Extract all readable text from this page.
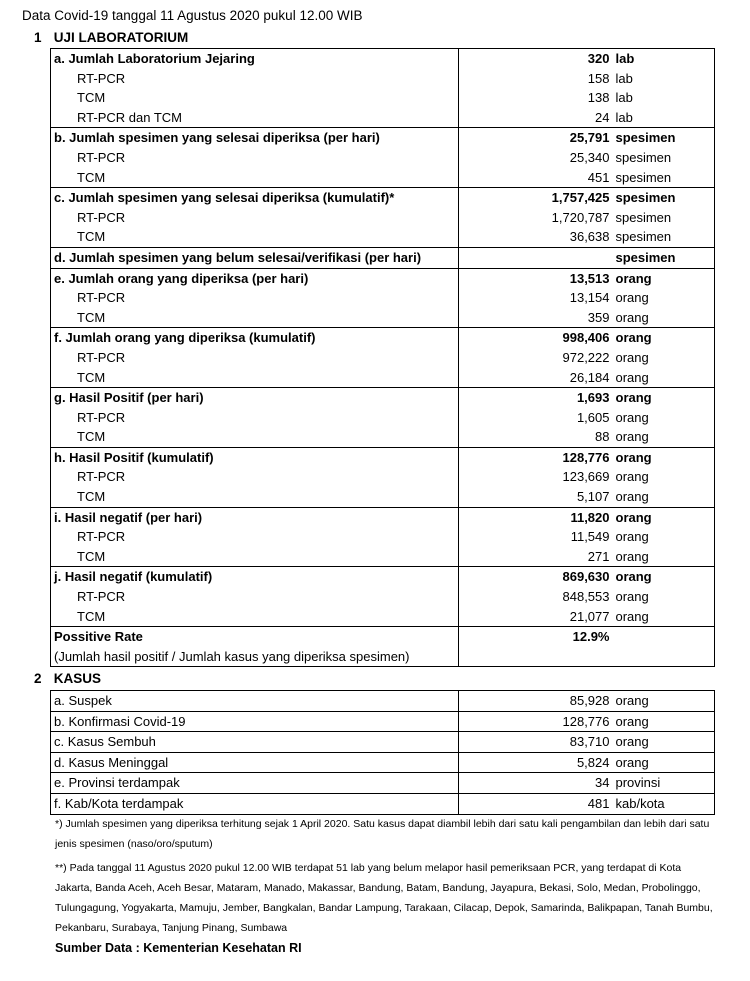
Data Covid-19 tanggal 11 Agustus 2020 pukul 12.00 WIB
1 UJI LABORATORIUM
a. Jumlah Laboratorium Jejaring	320	lab
RT-PCR	158	lab
TCM	138	lab
RT-PCR dan TCM	24	lab
b. Jumlah spesimen yang selesai diperiksa (per hari)	25,791	spesimen
RT-PCR	25,340	spesimen
TCM	451	spesimen
c. Jumlah spesimen yang selesai diperiksa (kumulatif)*	1,757,425	spesimen
RT-PCR	1,720,787	spesimen
TCM	36,638	spesimen
d. Jumlah spesimen yang belum selesai/verifikasi (per hari)		spesimen
e. Jumlah orang yang diperiksa (per hari)	13,513	orang
RT-PCR	13,154	orang
TCM	359	orang
f. Jumlah orang yang diperiksa (kumulatif)	998,406	orang
RT-PCR	972,222	orang
TCM	26,184	orang
g. Hasil Positif (per hari)	1,693	orang
RT-PCR	1,605	orang
TCM	88	orang
h. Hasil Positif (kumulatif)	128,776	orang
RT-PCR	123,669	orang
TCM	5,107	orang
i. Hasil negatif (per hari)	11,820	orang
RT-PCR	11,549	orang
TCM	271	orang
j. Hasil negatif (kumulatif)	869,630	orang
RT-PCR	848,553	orang
TCM	21,077	orang
Possitive Rate	12.9%	
(Jumlah hasil positif / Jumlah kasus yang diperiksa spesimen)		
2 KASUS
a. Suspek	85,928	orang
b. Konfirmasi Covid-19	128,776	orang
c. Kasus Sembuh	83,710	orang
d. Kasus Meninggal	5,824	orang
e. Provinsi terdampak	34	provinsi
f. Kab/Kota terdampak	481	kab/kota
*) Jumlah spesimen yang diperiksa terhitung sejak 1 April 2020. Satu kasus dapat diambil lebih dari satu kali pengambilan dan lebih dari satu jenis spesimen (naso/oro/sputum)
**) Pada tanggal 11 Agustus 2020 pukul 12.00 WIB terdapat 51 lab yang belum melapor hasil pemeriksaan PCR, yang terdapat di Kota Jakarta, Banda Aceh, Aceh Besar, Mataram, Manado, Makassar, Bandung, Batam, Bandung, Jayapura, Bekasi, Solo, Medan, Probolinggo, Tulungagung, Yogyakarta, Mamuju, Jember, Bangkalan, Bandar Lampung, Tarakaan, Cilacap, Depok, Samarinda, Balikpapan, Tanah Bumbu, Pekanbaru, Surabaya, Tanjung Pinang, Sumbawa
Sumber Data : Kementerian Kesehatan RI
